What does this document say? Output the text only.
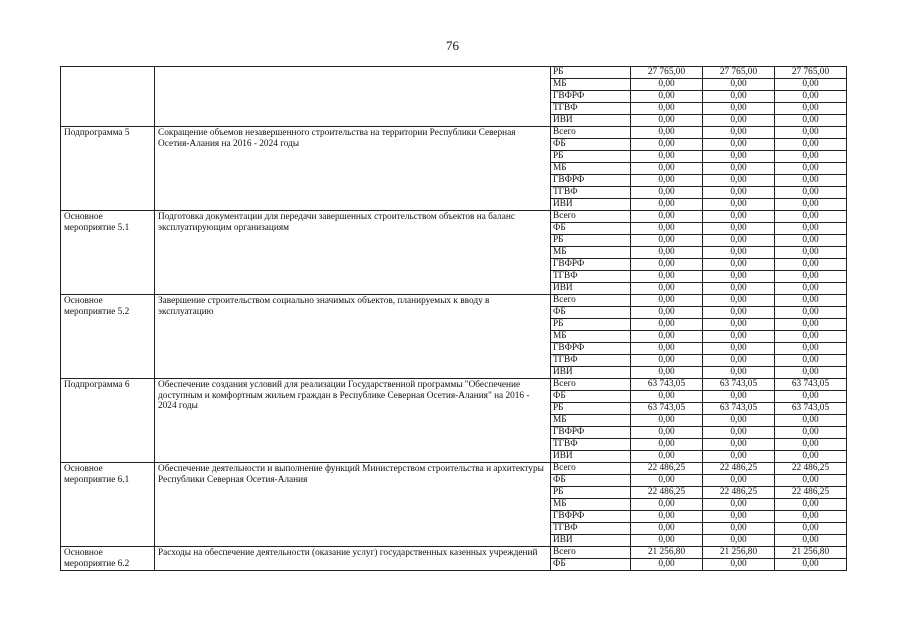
76
		РБ	27 765,00	27 765,00	27 765,00
		МБ	0,00	0,00	0,00
		ГВФРФ	0,00	0,00	0,00
		ТГВФ	0,00	0,00	0,00
		ИВИ	0,00	0,00	0,00
Подпрограмма 5	Сокращение объемов незавершенного строительства на территории Республики Северная Осетия-Алания на 2016 - 2024 годы	Всего	0,00	0,00	0,00
		ФБ	0,00	0,00	0,00
		РБ	0,00	0,00	0,00
		МБ	0,00	0,00	0,00
		ГВФРФ	0,00	0,00	0,00
		ТГВФ	0,00	0,00	0,00
		ИВИ	0,00	0,00	0,00
Основное мероприятие 5.1	Подготовка документации для передачи завершенных строительством объектов на баланс эксплуатирующим организациям	Всего	0,00	0,00	0,00
		ФБ	0,00	0,00	0,00
		РБ	0,00	0,00	0,00
		МБ	0,00	0,00	0,00
		ГВФРФ	0,00	0,00	0,00
		ТГВФ	0,00	0,00	0,00
		ИВИ	0,00	0,00	0,00
Основное мероприятие 5.2	Завершение строительством социально значимых объектов, планируемых к вводу в эксплуатацию	Всего	0,00	0,00	0,00
		ФБ	0,00	0,00	0,00
		РБ	0,00	0,00	0,00
		МБ	0,00	0,00	0,00
		ГВФРФ	0,00	0,00	0,00
		ТГВФ	0,00	0,00	0,00
		ИВИ	0,00	0,00	0,00
Подпрограмма 6	Обеспечение создания условий для реализации Государственной программы "Обеспечение доступным и комфортным жильем граждан в Республике Северная Осетия-Алания" на 2016 - 2024 годы	Всего	63 743,05	63 743,05	63 743,05
		ФБ	0,00	0,00	0,00
		РБ	63 743,05	63 743,05	63 743,05
		МБ	0,00	0,00	0,00
		ГВФРФ	0,00	0,00	0,00
		ТГВФ	0,00	0,00	0,00
		ИВИ	0,00	0,00	0,00
Основное мероприятие 6.1	Обеспечение деятельности и выполнение функций Министерством строительства и архитектуры Республики Северная Осетия-Алания	Всего	22 486,25	22 486,25	22 486,25
		ФБ	0,00	0,00	0,00
		РБ	22 486,25	22 486,25	22 486,25
		МБ	0,00	0,00	0,00
		ГВФРФ	0,00	0,00	0,00
		ТГВФ	0,00	0,00	0,00
		ИВИ	0,00	0,00	0,00
Основное мероприятие 6.2	Расходы на обеспечение деятельности (оказание услуг) государственных казенных учреждений	Всего	21 256,80	21 256,80	21 256,80
		ФБ	0,00	0,00	0,00
